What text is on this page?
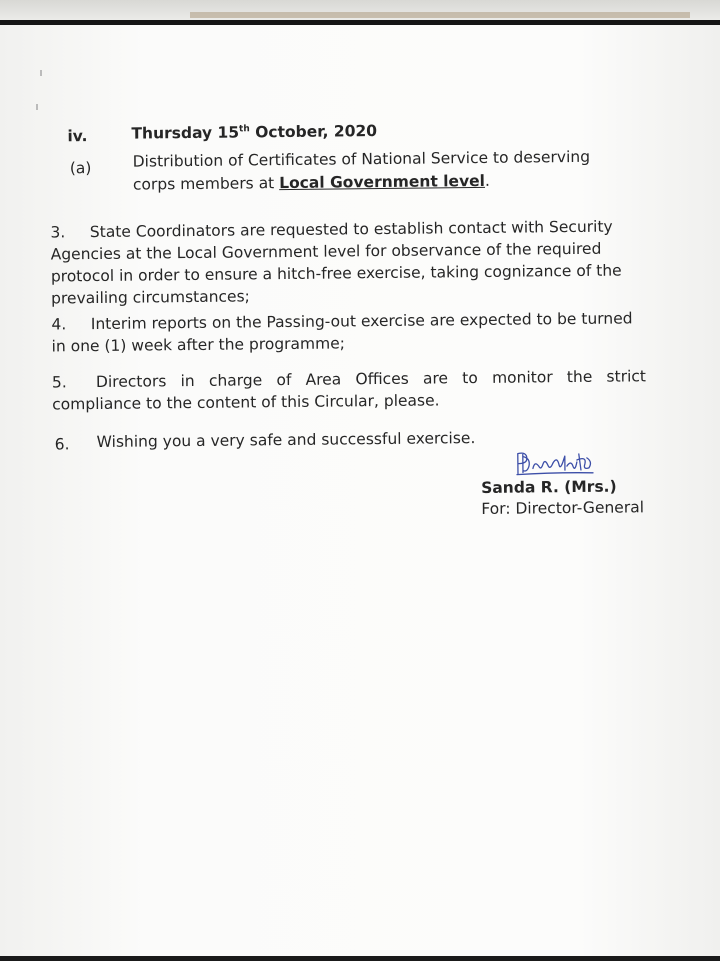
iv.	Thursday 15th October, 2020
(a)	Distribution of Certificates of National Service to deserving
corps members at Local Government level.
3. State Coordinators are requested to establish contact with Security
Agencies at the Local Government level for observance of the required
protocol in order to ensure a hitch-free exercise, taking cognizance of the
prevailing circumstances;
4. Interim reports on the Passing-out exercise are expected to be turned
in one (1) week after the programme;
5. Directors in charge of Area Offices are to monitor the strict
compliance to the content of this Circular, please.
6. Wishing you a very safe and successful exercise.
Sanda R. (Mrs.)
For: Director-General
